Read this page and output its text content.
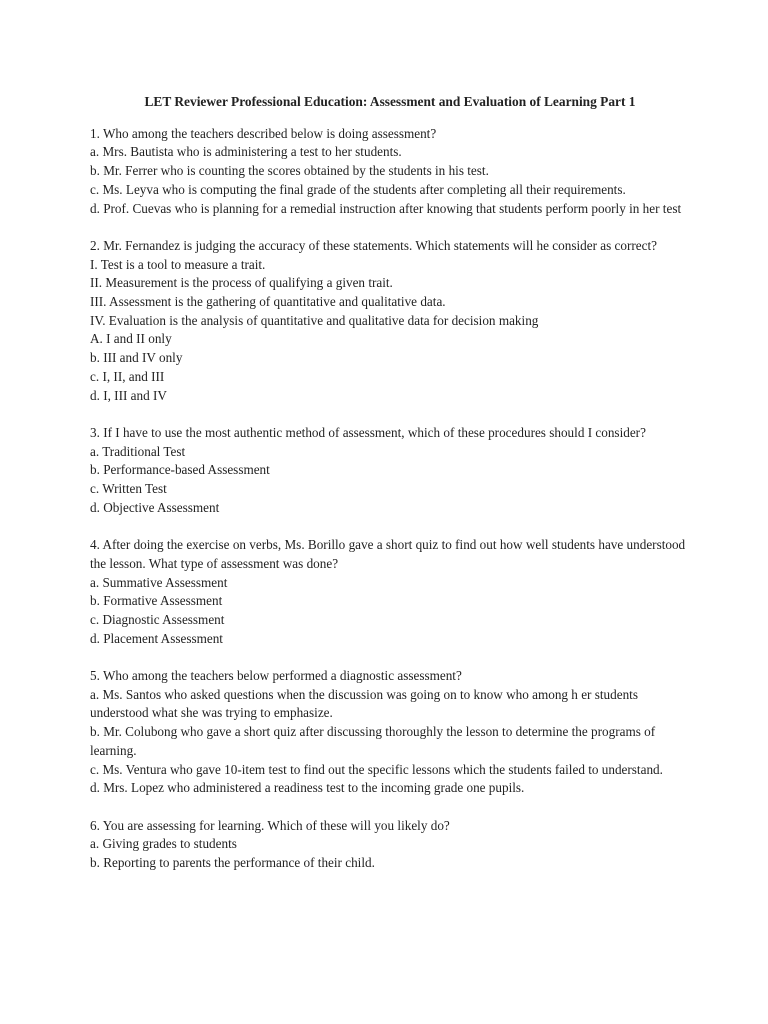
LET Reviewer Professional Education: Assessment and Evaluation of Learning Part 1

1. Who among the teachers described below is doing assessment?

a. Mrs. Bautista who is administering a test to her students.

b. Mr. Ferrer who is counting the scores obtained by the students in his test.

c. Ms. Leyva who is computing the final grade of the students after completing all their requirements.

d. Prof. Cuevas who is planning for a remedial instruction after knowing that students perform poorly in her test

2. Mr. Fernandez is judging the accuracy of these statements. Which statements will he consider as correct?

I. Test is a tool to measure a trait.

II. Measurement is the process of qualifying a given trait.

III. Assessment is the gathering of quantitative and qualitative data.

IV. Evaluation is the analysis of quantitative and qualitative data for decision making

A. I and II only

b. III and IV only

c. I, II, and III

d. I, III and IV

3. If I have to use the most authentic method of assessment, which of these procedures should I consider?

a. Traditional Test

b. Performance-based Assessment

c. Written Test

d. Objective Assessment

4. After doing the exercise on verbs, Ms. Borillo gave a short quiz to find out how well students have understood the lesson. What type of assessment was done?

a. Summative Assessment

b. Formative Assessment

c. Diagnostic Assessment

d. Placement Assessment

5. Who among the teachers below performed a diagnostic assessment?

a. Ms. Santos who asked questions when the discussion was going on to know who among h er students understood what she was trying to emphasize.

b. Mr. Colubong who gave a short quiz after discussing thoroughly the lesson to determine the programs of learning.

c. Ms. Ventura who gave 10-item test to find out the specific lessons which the students failed to understand.

d. Mrs. Lopez who administered a readiness test to the incoming grade one pupils.

6. You are assessing for learning. Which of these will you likely do?

a. Giving grades to students

b. Reporting to parents the performance of their child.
